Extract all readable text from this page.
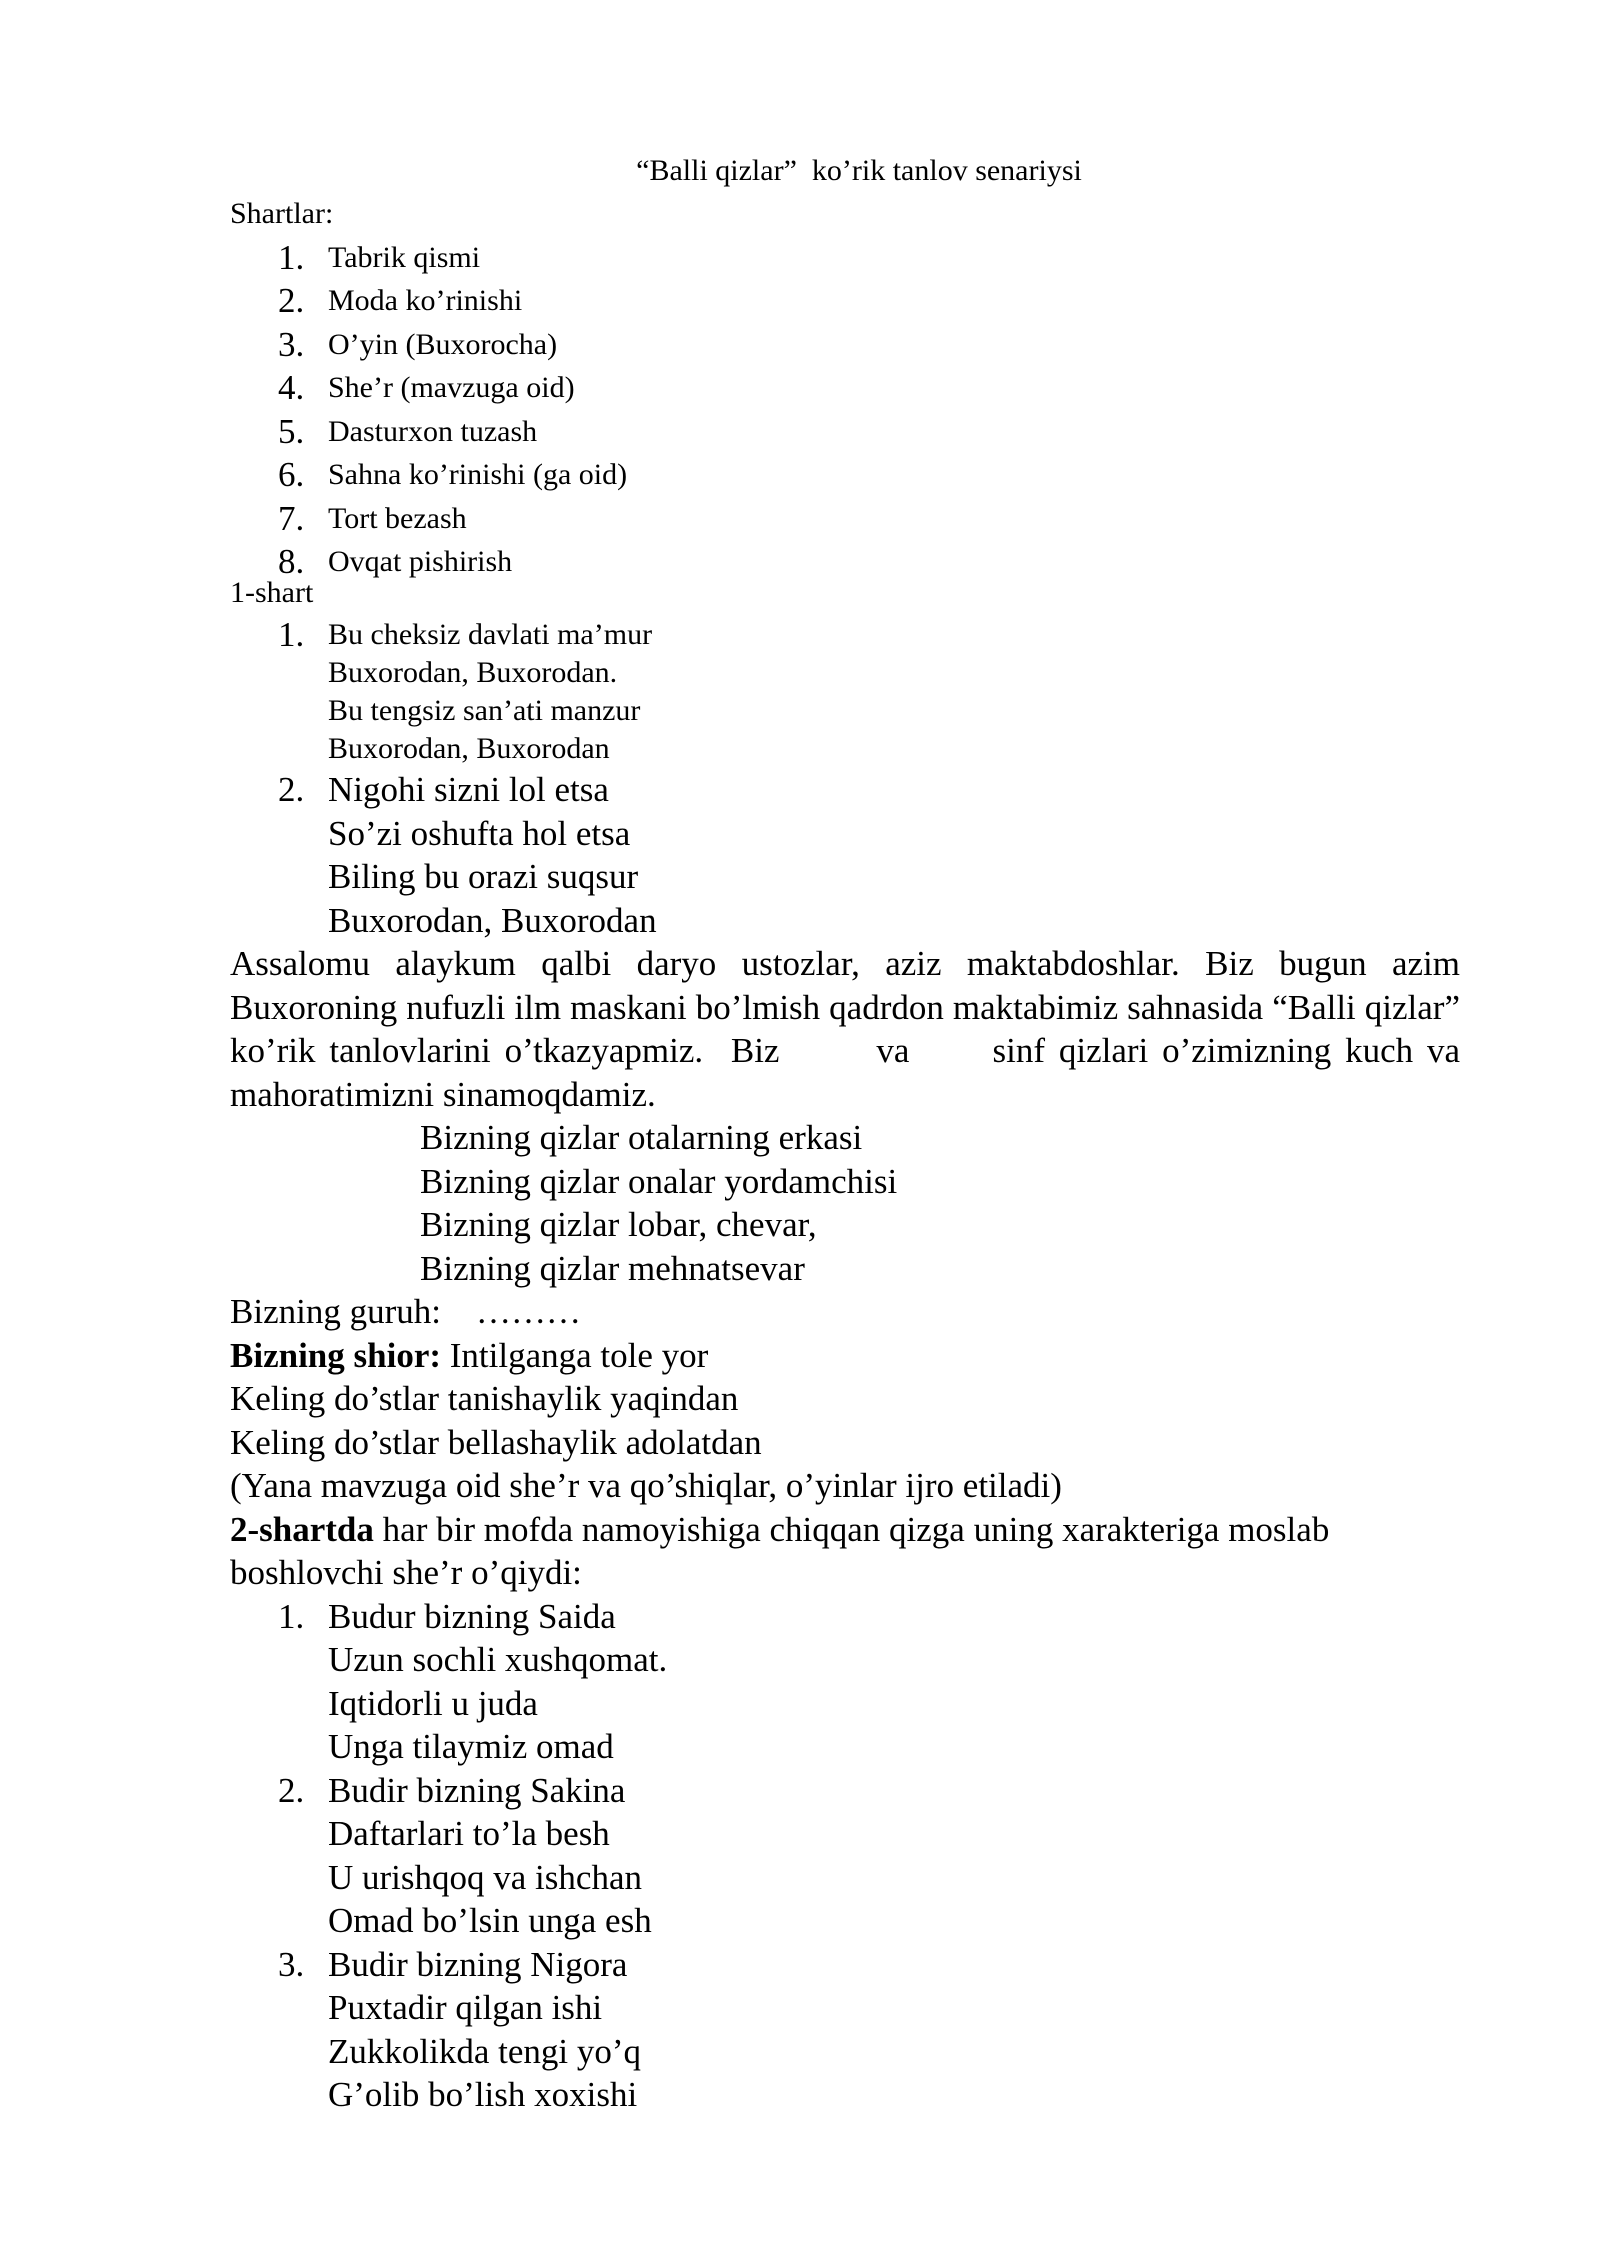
“Balli qizlar”  ko’rik tanlov senariysi
Shartlar:
1. Tabrik qismi
2. Moda ko’rinishi
3. O’yin (Buxorocha)
4. She’r (mavzuga oid)
5. Dasturxon tuzash
6. Sahna ko’rinishi (ga oid)
7. Tort bezash
8. Ovqat pishirish
1-shart
1. Bu cheksiz davlati ma’mur
Buxorodan, Buxorodan.
Bu tengsiz san’ati manzur
Buxorodan, Buxorodan
2. Nigohi sizni lol etsa
So’zi oshufta hol etsa
Biling bu orazi suqsur
Buxorodan, Buxorodan
Assalomu alaykum qalbi daryo ustozlar, aziz maktabdoshlar. Biz bugun azim Buxoroning nufuzli ilm maskani bo’lmish qadrdon maktabimiz sahnasida “Balli qizlar” ko’rik tanlovlarini o’tkazyapmiz.  Biz       va      sinf qizlari o’zimizning kuch va mahoratimizni sinamoqdamiz.
Bizning qizlar otalarning erkasi
Bizning qizlar onalar yordamchisi
Bizning qizlar lobar, chevar,
Bizning qizlar mehnatsevar
Bizning guruh:    ………
Bizning shior: Intilganga tole yor
Keling do’stlar tanishaylik yaqindan
Keling do’stlar bellashaylik adolatdan
(Yana mavzuga oid she’r va qo’shiqlar, o’yinlar ijro etiladi)
2-shartda har bir mofda namoyishiga chiqqan qizga uning xarakteriga moslab boshlovchi she’r o’qiydi:
1. Budur bizning Saida
Uzun sochli xushqomat.
Iqtidorli u juda
Unga tilaymiz omad
2. Budir bizning Sakina
Daftarlari to’la besh
U urishqoq va ishchan
Omad bo’lsin unga esh
3. Budir bizning Nigora
Puxtadir qilgan ishi
Zukkolikda tengi yo’q
G’olib bo’lish xoxishi
